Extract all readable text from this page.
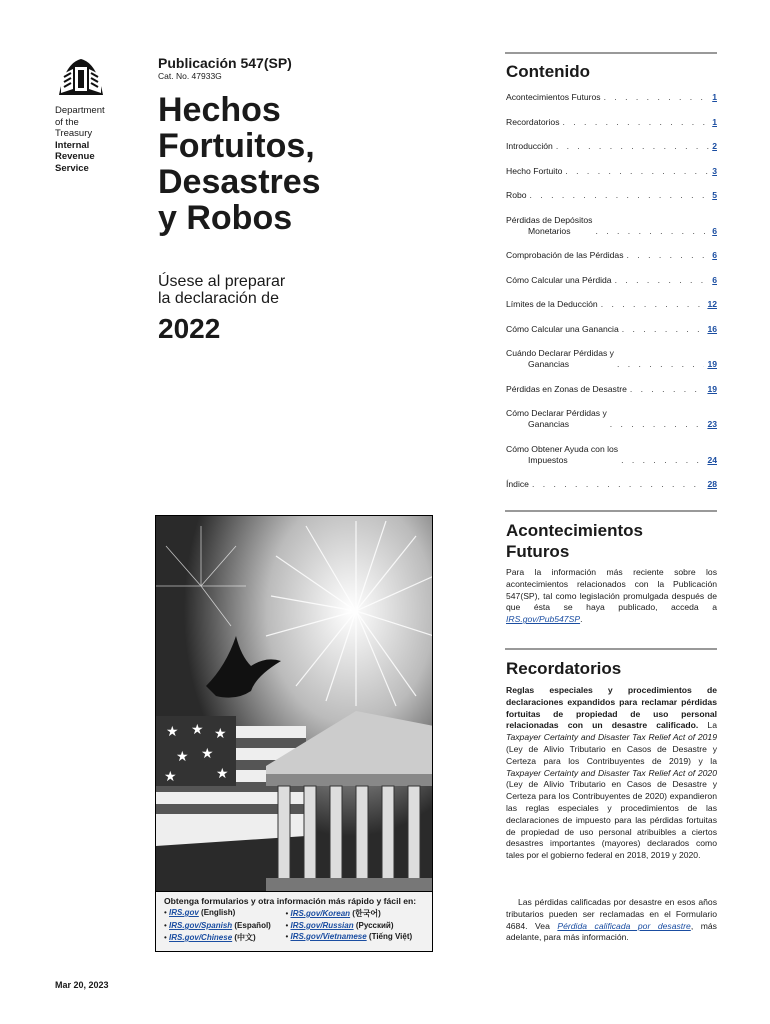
Department
of the
Treasury
Internal
Revenue
Service
Publicación 547(SP)
Cat. No. 47933G
Hechos
Fortuitos,
Desastres
y Robos
Úsese al preparar
la declaración de
2022
★ ★ ★
★ ★
★	★
Obtenga formularios y otra información más rápido y fácil en:
• IRS.gov (English)	• IRS.gov/Korean (한국어)
• IRS.gov/Spanish (Español)	• IRS.gov/Russian (Русский)
• IRS.gov/Chinese (中文)	• IRS.gov/Vietnamese (Tiếng Việt)
Mar 20, 2023
Contenido
Acontecimientos Futuros . . .	1
Recordatorios . . .	1
Introducción . . .	2
Hecho Fortuito . . .	3
Robo . . .	5
Pérdidas de Depósitos
Monetarios . . .	6
Comprobación de las Pérdidas . . .	6
Cómo Calcular una Pérdida . . .	6
Límites de la Deducción . . .	12
Cómo Calcular una Ganancia . . .	16
Cuándo Declarar Pérdidas y
Ganancias . . .	19
Pérdidas en Zonas de Desastre . . .	19
Cómo Declarar Pérdidas y
Ganancias . . .	23
Cómo Obtener Ayuda con los
Impuestos . . .	24
Índice . . .	28
Acontecimientos
Futuros
Para la información más reciente sobre los acontecimientos relacionados con la Publicación 547(SP), tal como legislación promulgada después de que ésta se haya publicado, acceda a IRS.gov/Pub547SP.
Recordatorios
Reglas especiales y procedimientos de declaraciones expandidos para reclamar pérdidas fortuitas de propiedad de uso personal relacionadas con un desastre calificado. La Taxpayer Certainty and Disaster Tax Relief Act of 2019 (Ley de Alivio Tributario en Casos de Desastre y Certeza para los Contribuyentes de 2019) y la Taxpayer Certainty and Disaster Tax Relief Act of 2020 (Ley de Alivio Tributario en Casos de Desastre y Certeza para los Contribuyentes de 2020) expandieron las reglas especiales y procedimientos de las declaraciones de impuesto para las pérdidas fortuitas de propiedad de uso personal atribuibles a ciertos desastres importantes (mayores) declarados como tales por el gobierno federal en 2018, 2019 y 2020.
Las pérdidas calificadas por desastre en esos años tributarios pueden ser reclamadas en el Formulario 4684. Vea Pérdida calificada por desastre, más adelante, para más información.
